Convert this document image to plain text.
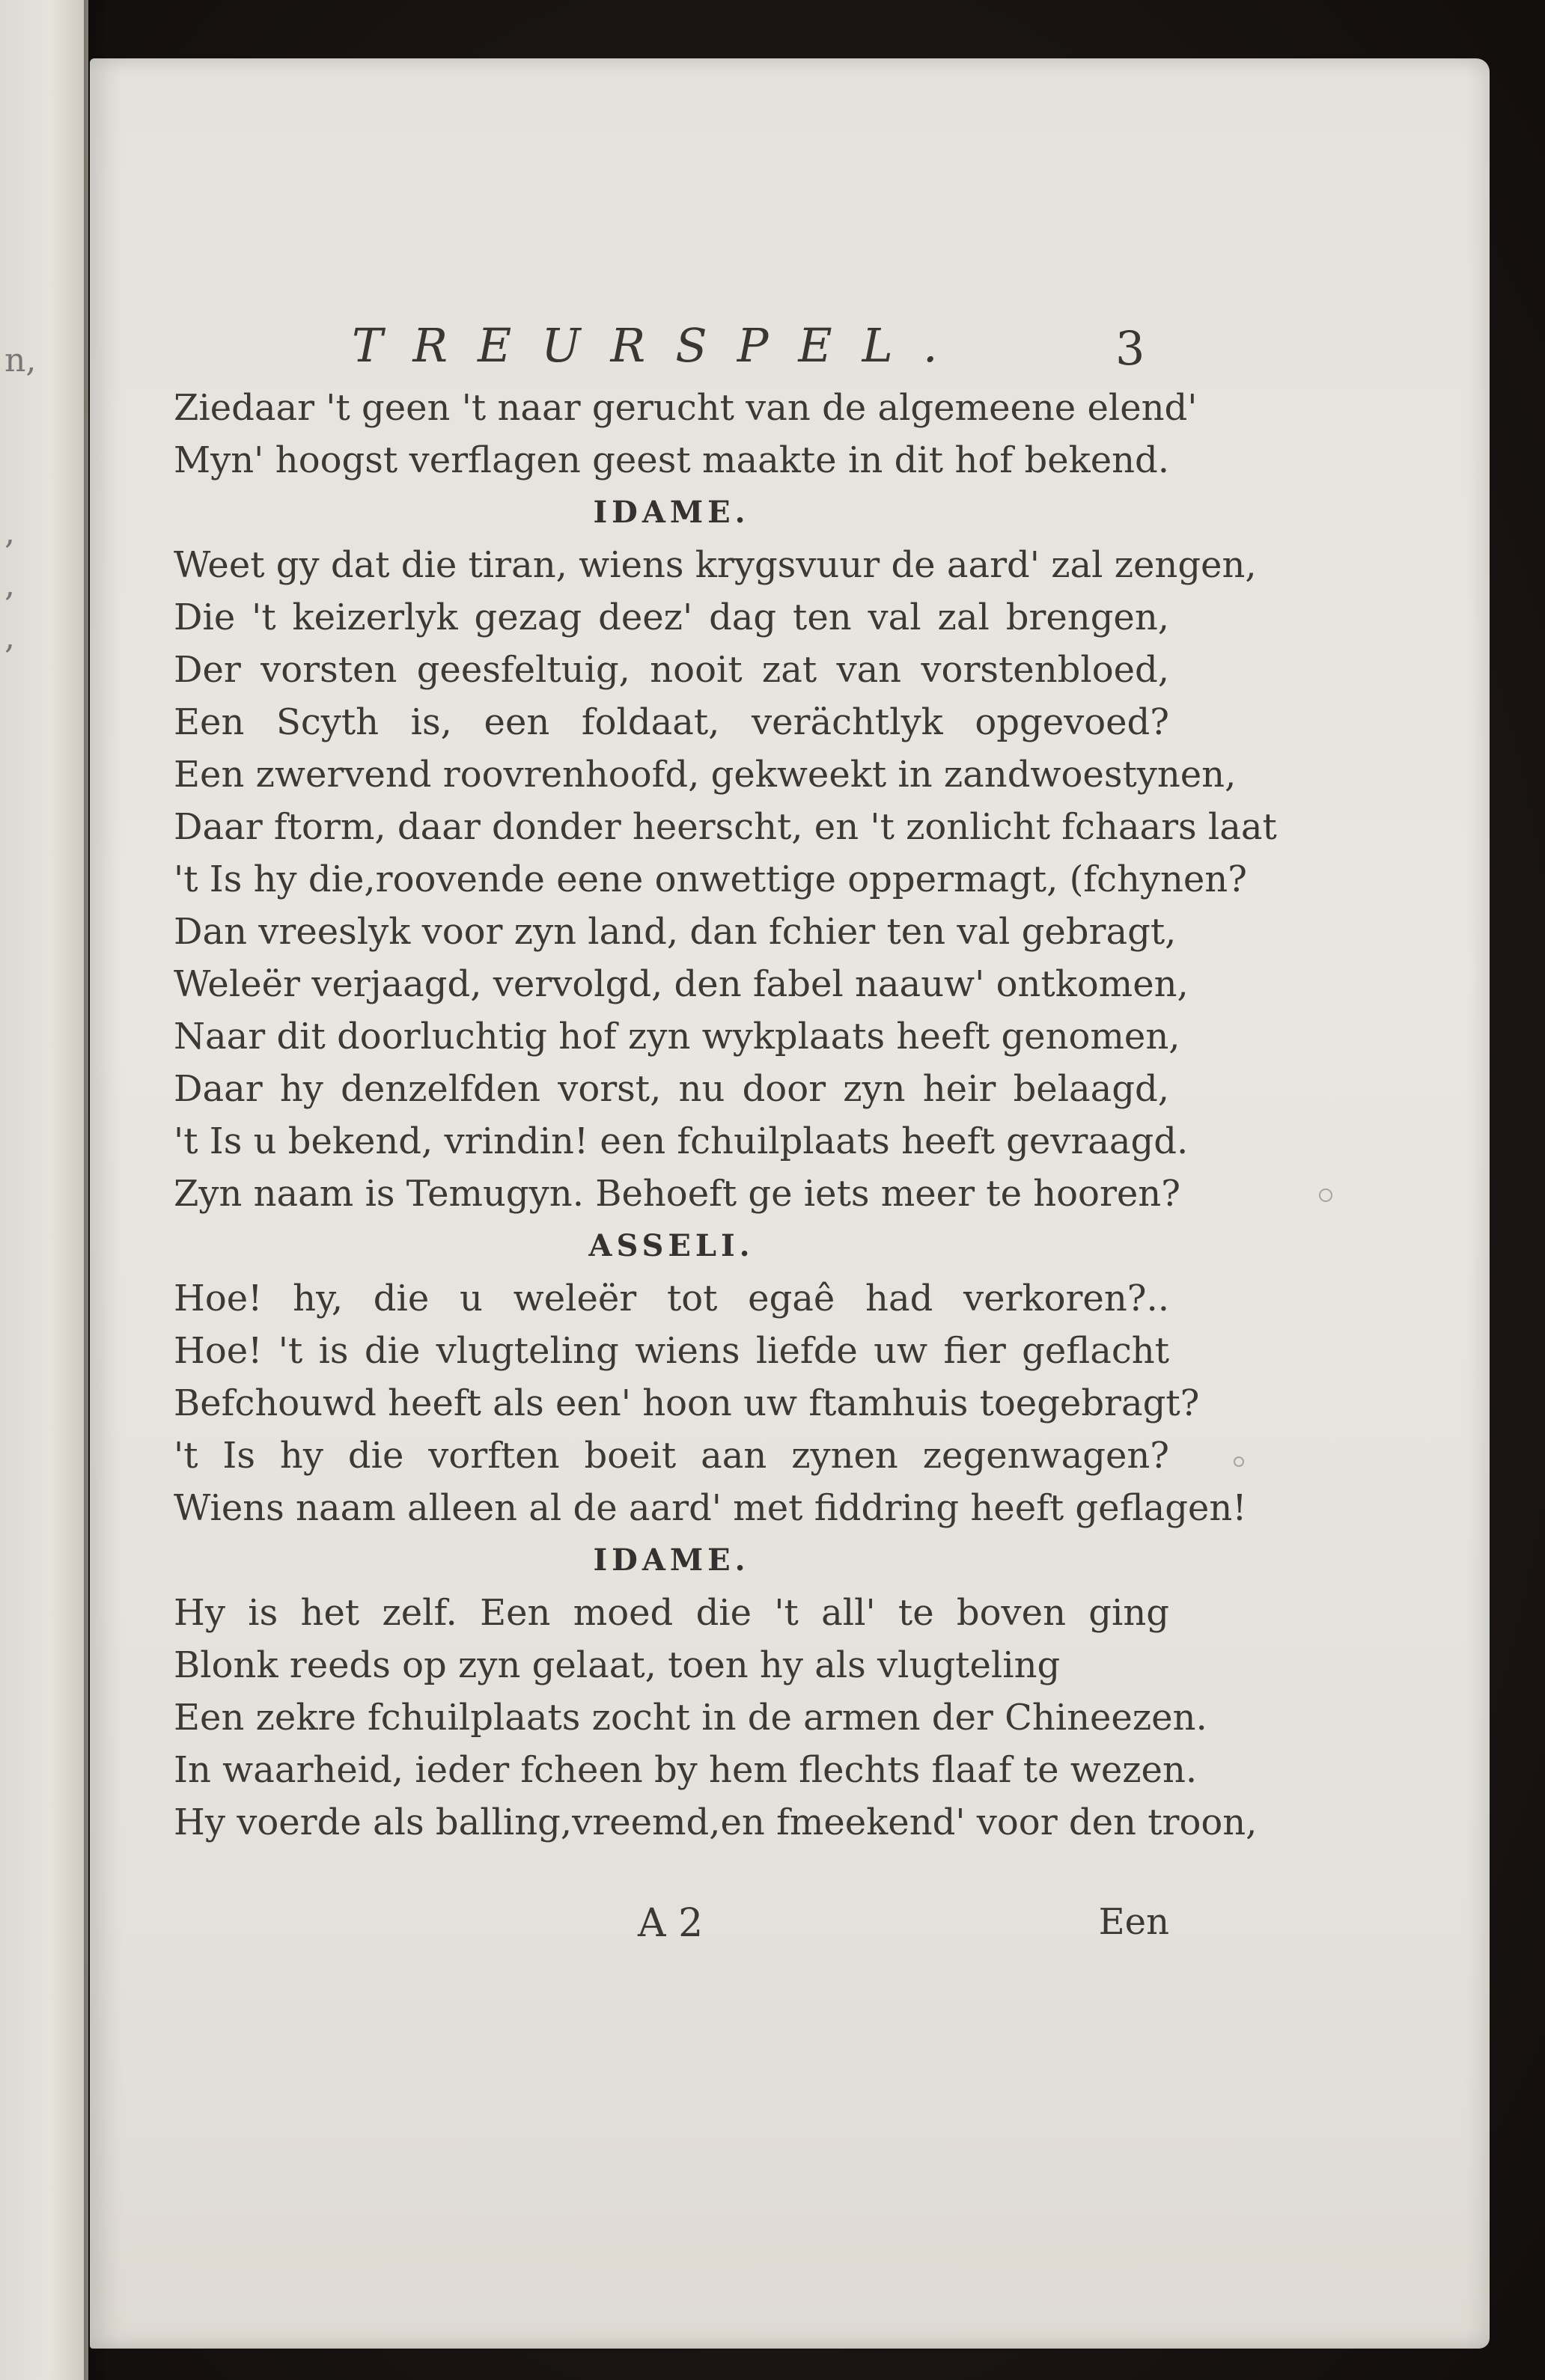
n,
,
,
,
TREURSPEL.	3
Ziedaar 't geen 't naar gerucht van de algemeene elend'
Myn' hoogst verflagen geest maakte in dit hof bekend.
IDAME.
Weet gy dat die tiran, wiens krygsvuur de aard' zal zengen,
Die 't keizerlyk gezag deez' dag ten val zal brengen,
Der vorsten geesfeltuig, nooit zat van vorstenbloed,
Een Scyth is, een foldaat, verächtlyk opgevoed?
Een zwervend roovrenhoofd, gekweekt in zandwoestynen,
Daar ftorm, daar donder heerscht, en 't zonlicht fchaars laat
't Is hy die,roovende eene onwettige oppermagt, (fchynen?
Dan vreeslyk voor zyn land, dan fchier ten val gebragt,
Weleër verjaagd, vervolgd, den fabel naauw' ontkomen,
Naar dit doorluchtig hof zyn wykplaats heeft genomen,
Daar hy denzelfden vorst, nu door zyn heir belaagd,
't Is u bekend, vrindin! een fchuilplaats heeft gevraagd.
Zyn naam is Temugyn. Behoeft ge iets meer te hooren?
ASSELI.
Hoe! hy, die u weleër tot egaê had verkoren?..
Hoe! 't is die vlugteling wiens liefde uw fier geflacht
Befchouwd heeft als een' hoon uw ftamhuis toegebragt?
't Is hy die vorften boeit aan zynen zegenwagen?
Wiens naam alleen al de aard' met fiddring heeft geflagen!
IDAME.
Hy is het zelf. Een moed die 't all' te boven ging
Blonk reeds op zyn gelaat, toen hy als vlugteling
Een zekre fchuilplaats zocht in de armen der Chineezen.
In waarheid, ieder fcheen by hem flechts flaaf te wezen.
Hy voerde als balling,vreemd,en fmeekend' voor den troon,
A 2	Een
